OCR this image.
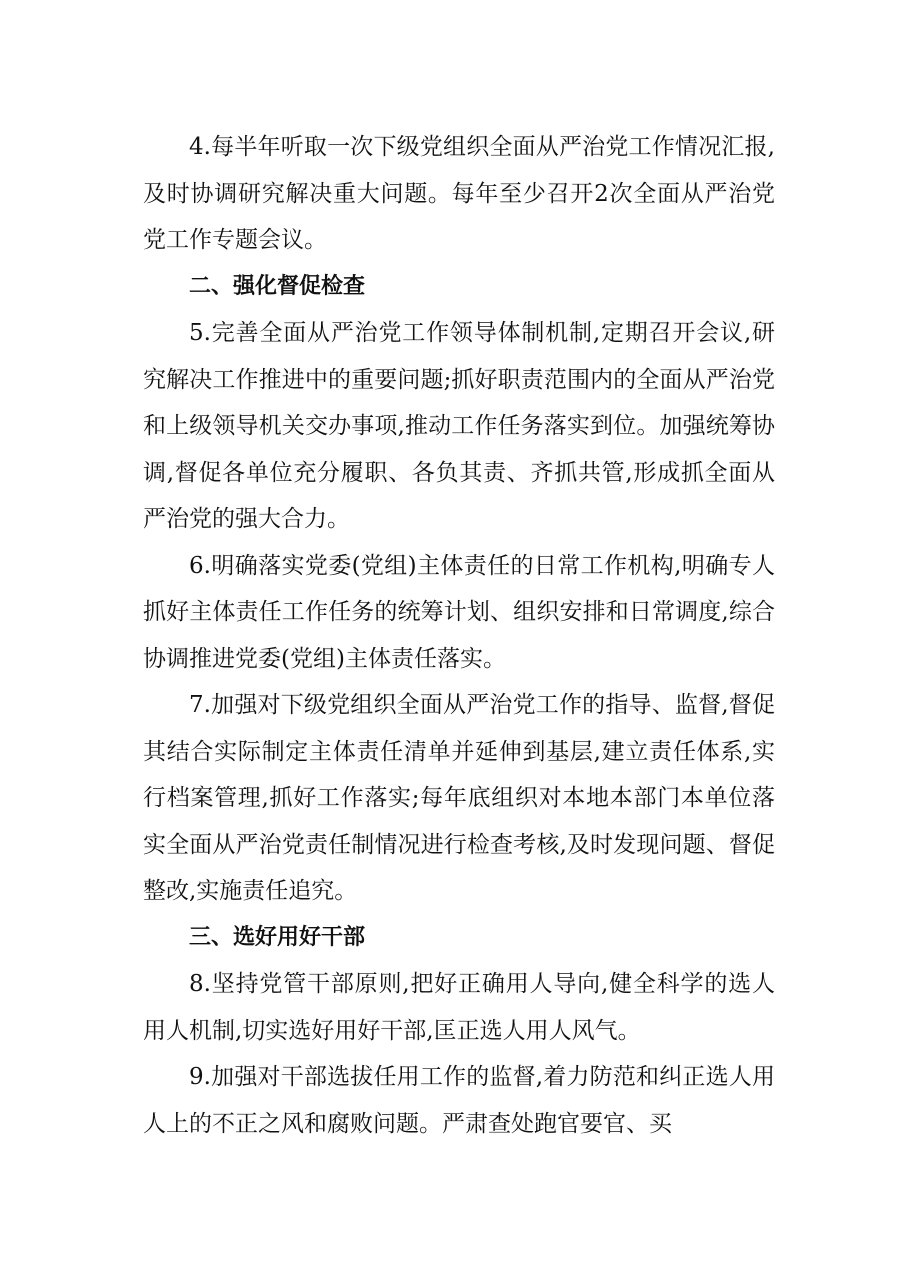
4.每半年听取一次下级党组织全面从严治党工作情况汇报,及时协调研究解决重大问题。每年至少召开2次全面从严治党党工作专题会议。

二、强化督促检查

5.完善全面从严治党工作领导体制机制,定期召开会议,研究解决工作推进中的重要问题;抓好职责范围内的全面从严治党和上级领导机关交办事项,推动工作任务落实到位。加强统筹协调,督促各单位充分履职、各负其责、齐抓共管,形成抓全面从严治党的强大合力。

6.明确落实党委(党组)主体责任的日常工作机构,明确专人抓好主体责任工作任务的统筹计划、组织安排和日常调度,综合协调推进党委(党组)主体责任落实。

7.加强对下级党组织全面从严治党工作的指导、监督,督促其结合实际制定主体责任清单并延伸到基层,建立责任体系,实行档案管理,抓好工作落实;每年底组织对本地本部门本单位落实全面从严治党责任制情况进行检查考核,及时发现问题、督促整改,实施责任追究。

三、选好用好干部

8.坚持党管干部原则,把好正确用人导向,健全科学的选人用人机制,切实选好用好干部,匡正选人用人风气。

9.加强对干部选拔任用工作的监督,着力防范和纠正选人用人上的不正之风和腐败问题。严肃查处跑官要官、买
